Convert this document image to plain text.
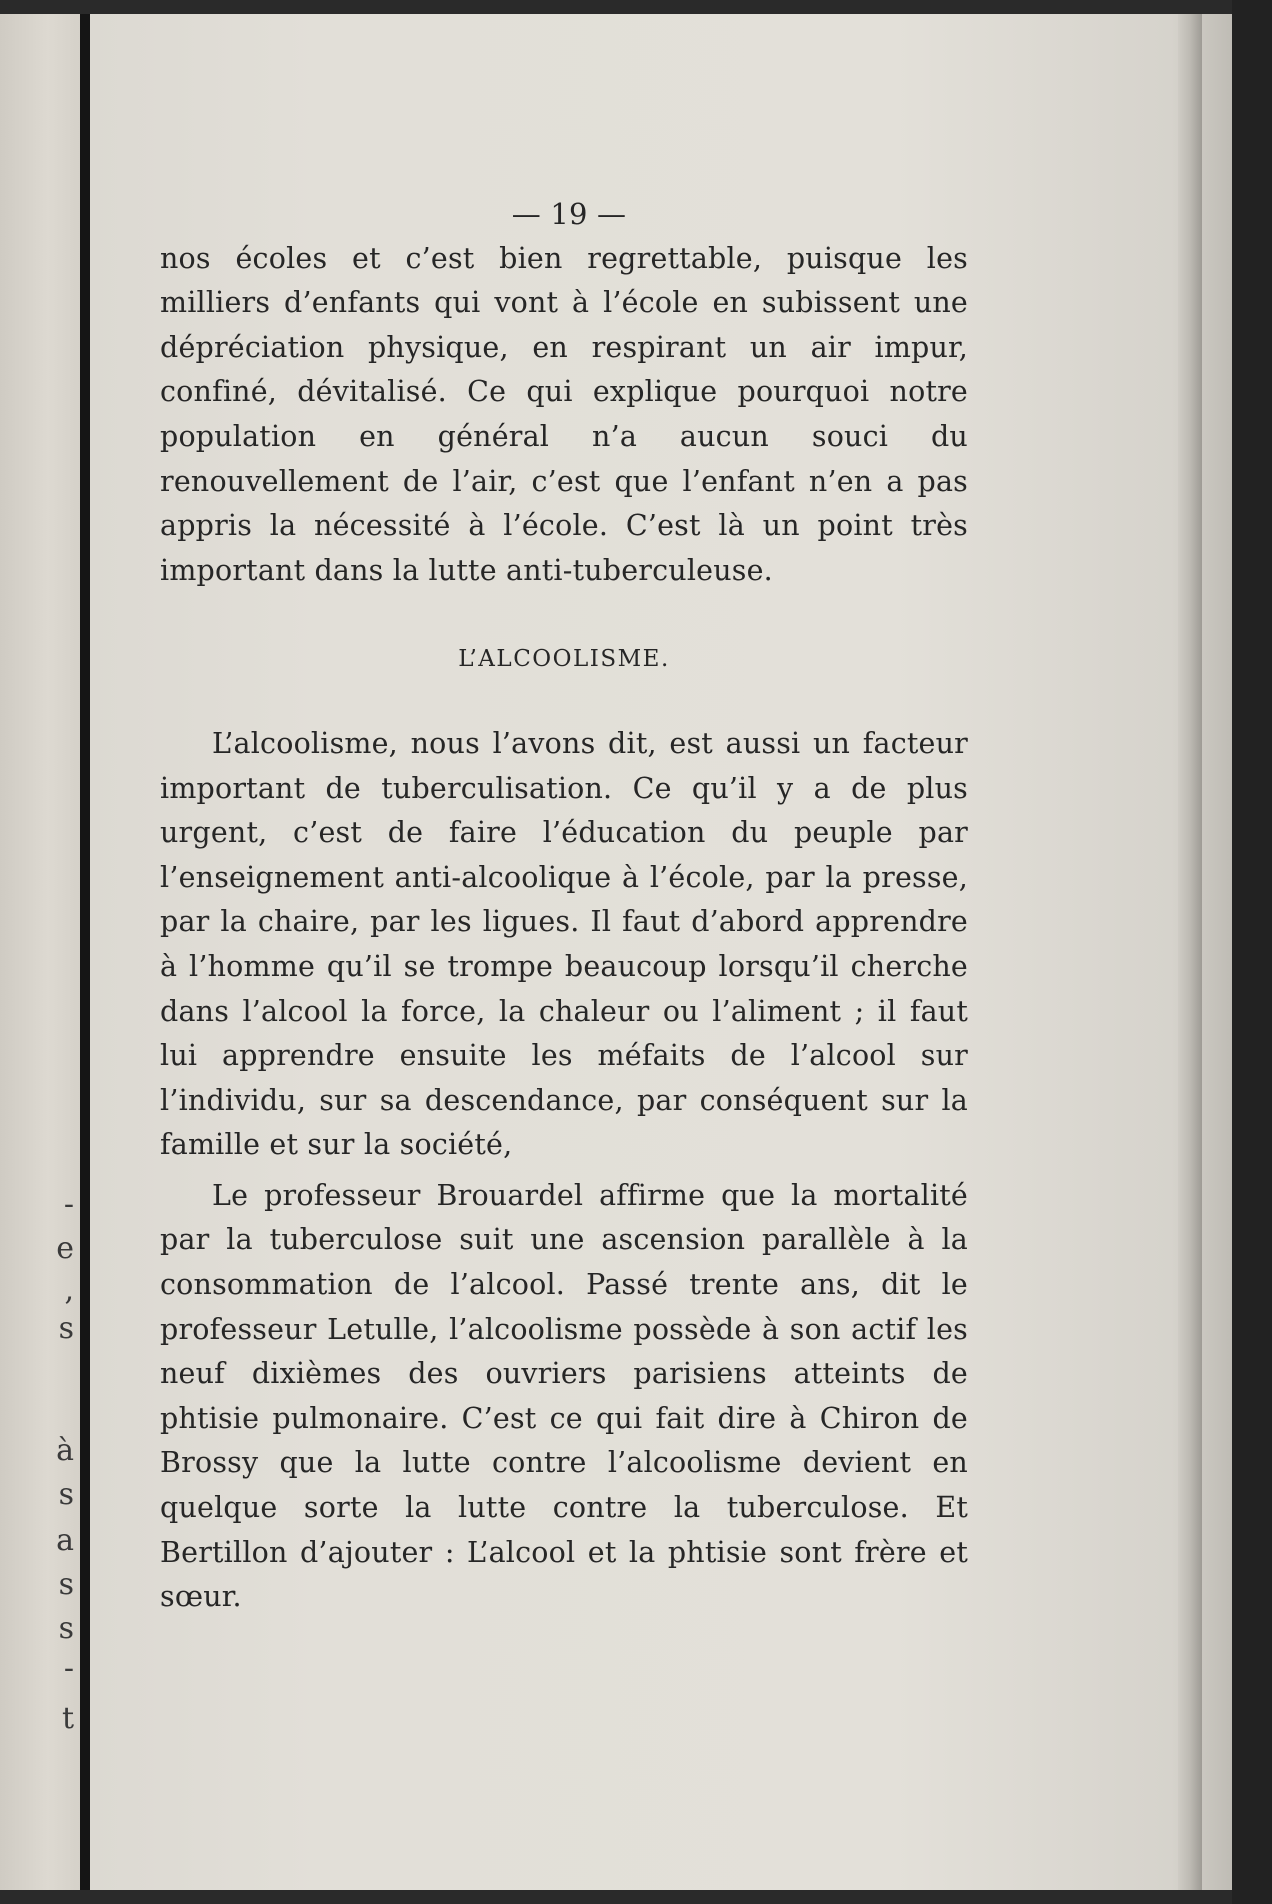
-
e
,
s
à
s
a
s
s
-
t

— 19 —

nos écoles et c’est bien regrettable, puisque les milliers d’enfants qui vont à l’école en subissent une dépréciation physique, en respirant un air impur, confiné, dévitalisé. Ce qui explique pourquoi notre population en général n’a aucun souci du renouvellement de l’air, c’est que l’enfant n’en a pas appris la nécessité à l’école. C’est là un point très important dans la lutte anti-tuberculeuse.

L’ALCOOLISME.

L’alcoolisme, nous l’avons dit, est aussi un facteur important de tuberculisation. Ce qu’il y a de plus urgent, c’est de faire l’éducation du peuple par l’enseignement anti-alcoolique à l’école, par la presse, par la chaire, par les ligues. Il faut d’abord apprendre à l’homme qu’il se trompe beaucoup lorsqu’il cherche dans l’alcool la force, la chaleur ou l’aliment ; il faut lui apprendre ensuite les méfaits de l’alcool sur l’individu, sur sa descendance, par conséquent sur la famille et sur la société,

Le professeur Brouardel affirme que la mortalité par la tuberculose suit une ascension parallèle à la consommation de l’alcool. Passé trente ans, dit le professeur Letulle, l’alcoolisme possède à son actif les neuf dixièmes des ouvriers parisiens atteints de phtisie pulmonaire. C’est ce qui fait dire à Chiron de Brossy que la lutte contre l’alcoolisme devient en quelque sorte la lutte contre la tuberculose. Et Bertillon d’ajouter : L’alcool et la phtisie sont frère et sœur.
